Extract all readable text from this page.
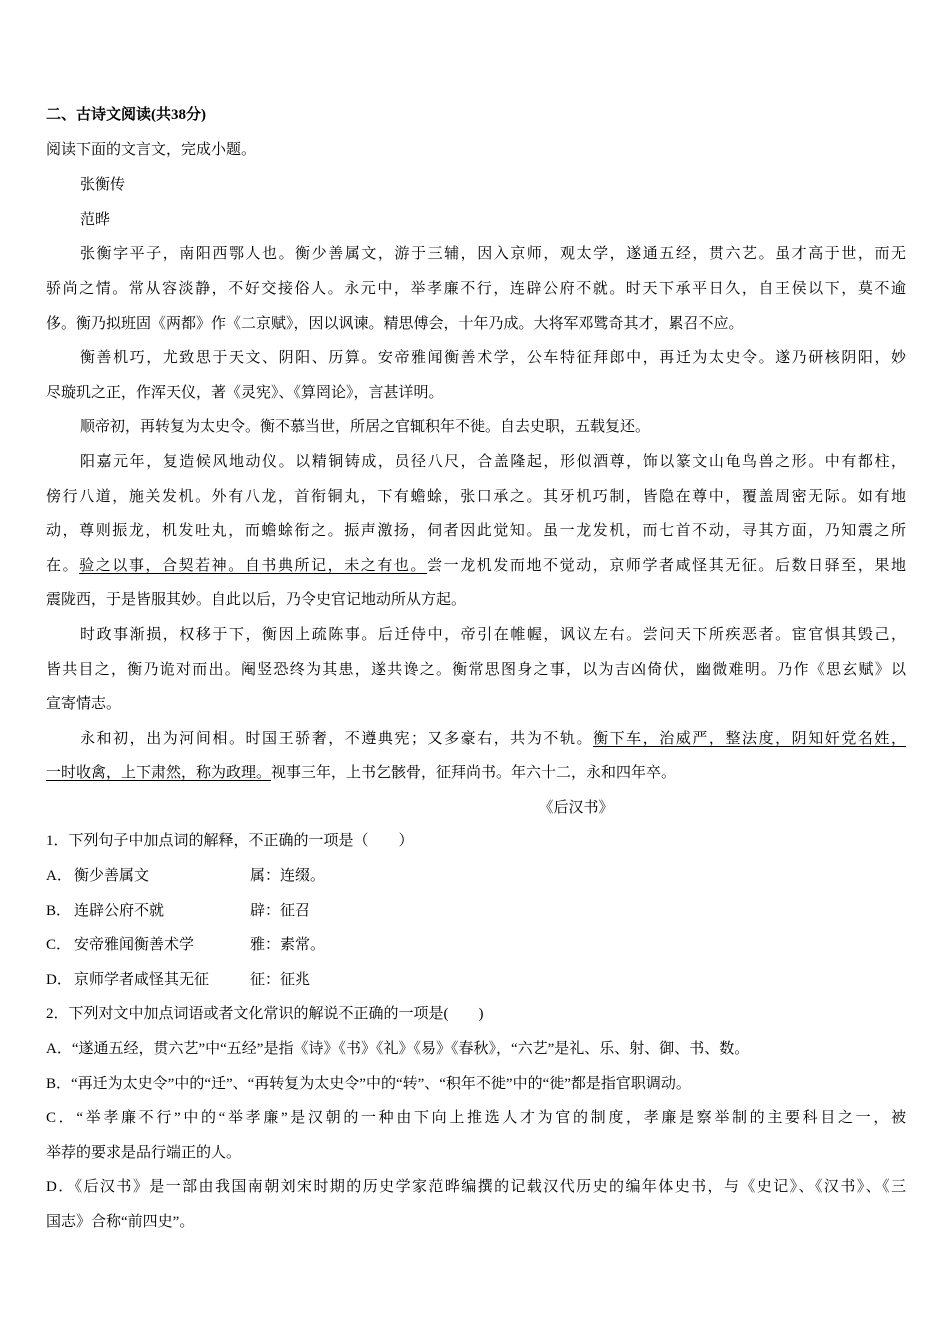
二、古诗文阅读(共38分)
阅读下面的文言文，完成小题。
张衡传
范晔
张衡字平子，南阳西鄂人也。衡少善属文，游于三辅，因入京师，观太学，遂通五经，贯六艺。虽才高于世，而无
骄尚之情。常从容淡静，不好交接俗人。永元中，举孝廉不行，连辟公府不就。时天下承平日久，自王侯以下，莫不逾
侈。衡乃拟班固《两都》作《二京赋》，因以讽谏。精思傅会，十年乃成。大将军邓骘奇其才，累召不应。
衡善机巧，尤致思于天文、阴阳、历算。安帝雅闻衡善术学，公车特征拜郎中，再迁为太史令。遂乃研核阴阳，妙
尽璇玑之正，作浑天仪，著《灵宪》、《算罔论》，言甚详明。
顺帝初，再转复为太史令。衡不慕当世，所居之官辄积年不徙。自去史职，五载复还。
阳嘉元年，复造候风地动仪。以精铜铸成，员径八尺，合盖隆起，形似酒尊，饰以篆文山龟鸟兽之形。中有都柱，
傍行八道，施关发机。外有八龙，首衔铜丸，下有蟾蜍，张口承之。其牙机巧制，皆隐在尊中，覆盖周密无际。如有地
动，尊则振龙，机发吐丸，而蟾蜍衔之。振声激扬，伺者因此觉知。虽一龙发机，而七首不动，寻其方面，乃知震之所
在。验之以事，合契若神。自书典所记，未之有也。尝一龙机发而地不觉动，京师学者咸怪其无征。后数日驿至，果地
震陇西，于是皆服其妙。自此以后，乃令史官记地动所从方起。
时政事渐损，权移于下，衡因上疏陈事。后迁侍中，帝引在帷幄，讽议左右。尝问天下所疾恶者。宦官惧其毁己，
皆共目之，衡乃诡对而出。阉竖恐终为其患，遂共谗之。衡常思图身之事，以为吉凶倚伏，幽微难明。乃作《思玄赋》以
宣寄情志。
永和初，出为河间相。时国王骄奢，不遵典宪；又多豪右，共为不轨。衡下车，治威严，整法度，阴知奸党名姓，
一时收禽，上下肃然，称为政理。视事三年，上书乞骸骨，征拜尚书。年六十二，永和四年卒。
《后汉书》
1．下列句子中加点词的解释，不正确的一项是（　　）
A． 衡少善属文	属：连缀。
B． 连辟公府不就	辟：征召
C． 安帝雅闻衡善术学	雅：素常。
D． 京师学者咸怪其无征	征：征兆
2．下列对文中加点词语或者文化常识的解说不正确的一项是(　　)
A．“遂通五经，贯六艺”中“五经”是指《诗》《书》《礼》《易》《春秋》，“六艺”是礼、乐、射、御、书、数。
B．“再迁为太史令”中的“迁”、“再转复为太史令”中的“转”、“积年不徙”中的“徙”都是指官职调动。
C．“举孝廉不行”中的“举孝廉”是汉朝的一种由下向上推选人才为官的制度，孝廉是察举制的主要科目之一，被
举荐的要求是品行端正的人。
D．《后汉书》是一部由我国南朝刘宋时期的历史学家范晔编撰的记载汉代历史的编年体史书，与《史记》、《汉书》、《三
国志》合称“前四史”。
